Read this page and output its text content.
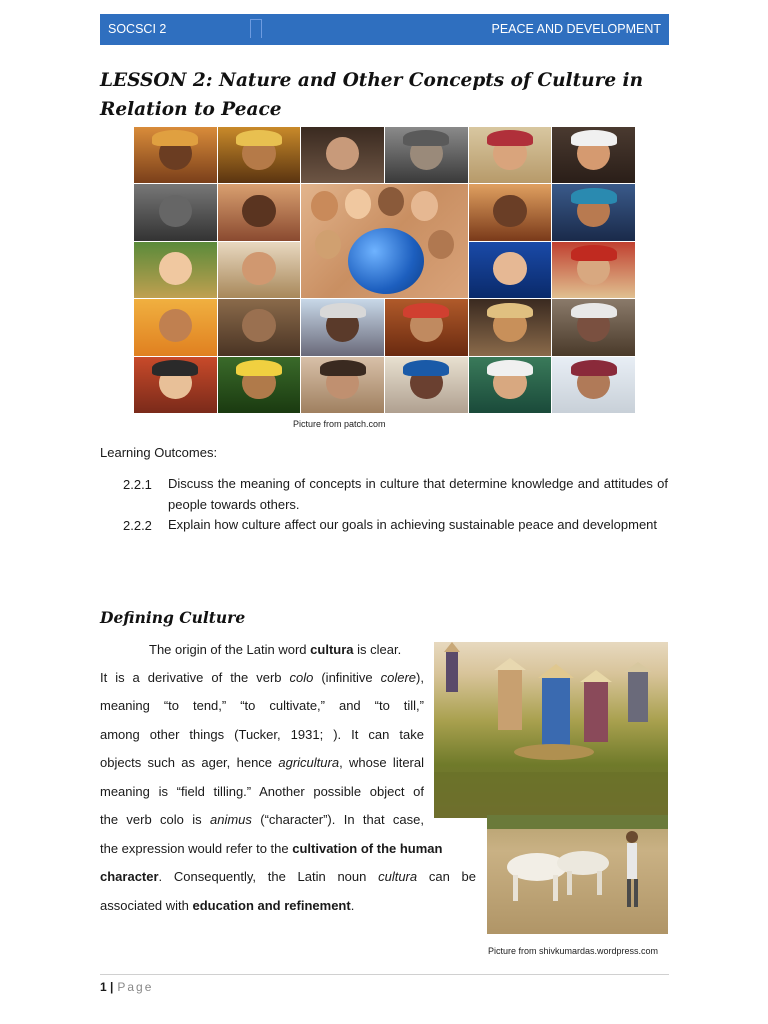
SOCSCI 2	PEACE AND DEVELOPMENT
LESSON 2: Nature and Other Concepts of Culture in Relation to Peace
Picture from patch.com
Learning Outcomes:
2.2.1 Discuss the meaning of concepts in culture that determine knowledge and attitudes of people towards others.
2.2.2 Explain how culture affect our goals in achieving sustainable peace and development
Defining Culture
The origin of the Latin word cultura is clear.
It is a derivative of the verb colo (infinitive colere),
meaning “to tend,” “to cultivate,” and “to till,”
among other things (Tucker, 1931; ). It can take
objects such as ager, hence agricultura, whose literal
meaning is “field tilling.” Another possible object of
the verb colo is animus (“character”). In that case,
the expression would refer to the cultivation of the human
character. Consequently, the Latin noun cultura can be
associated with education and refinement.
Picture from shivkumardas.wordpress.com
1 | Page
